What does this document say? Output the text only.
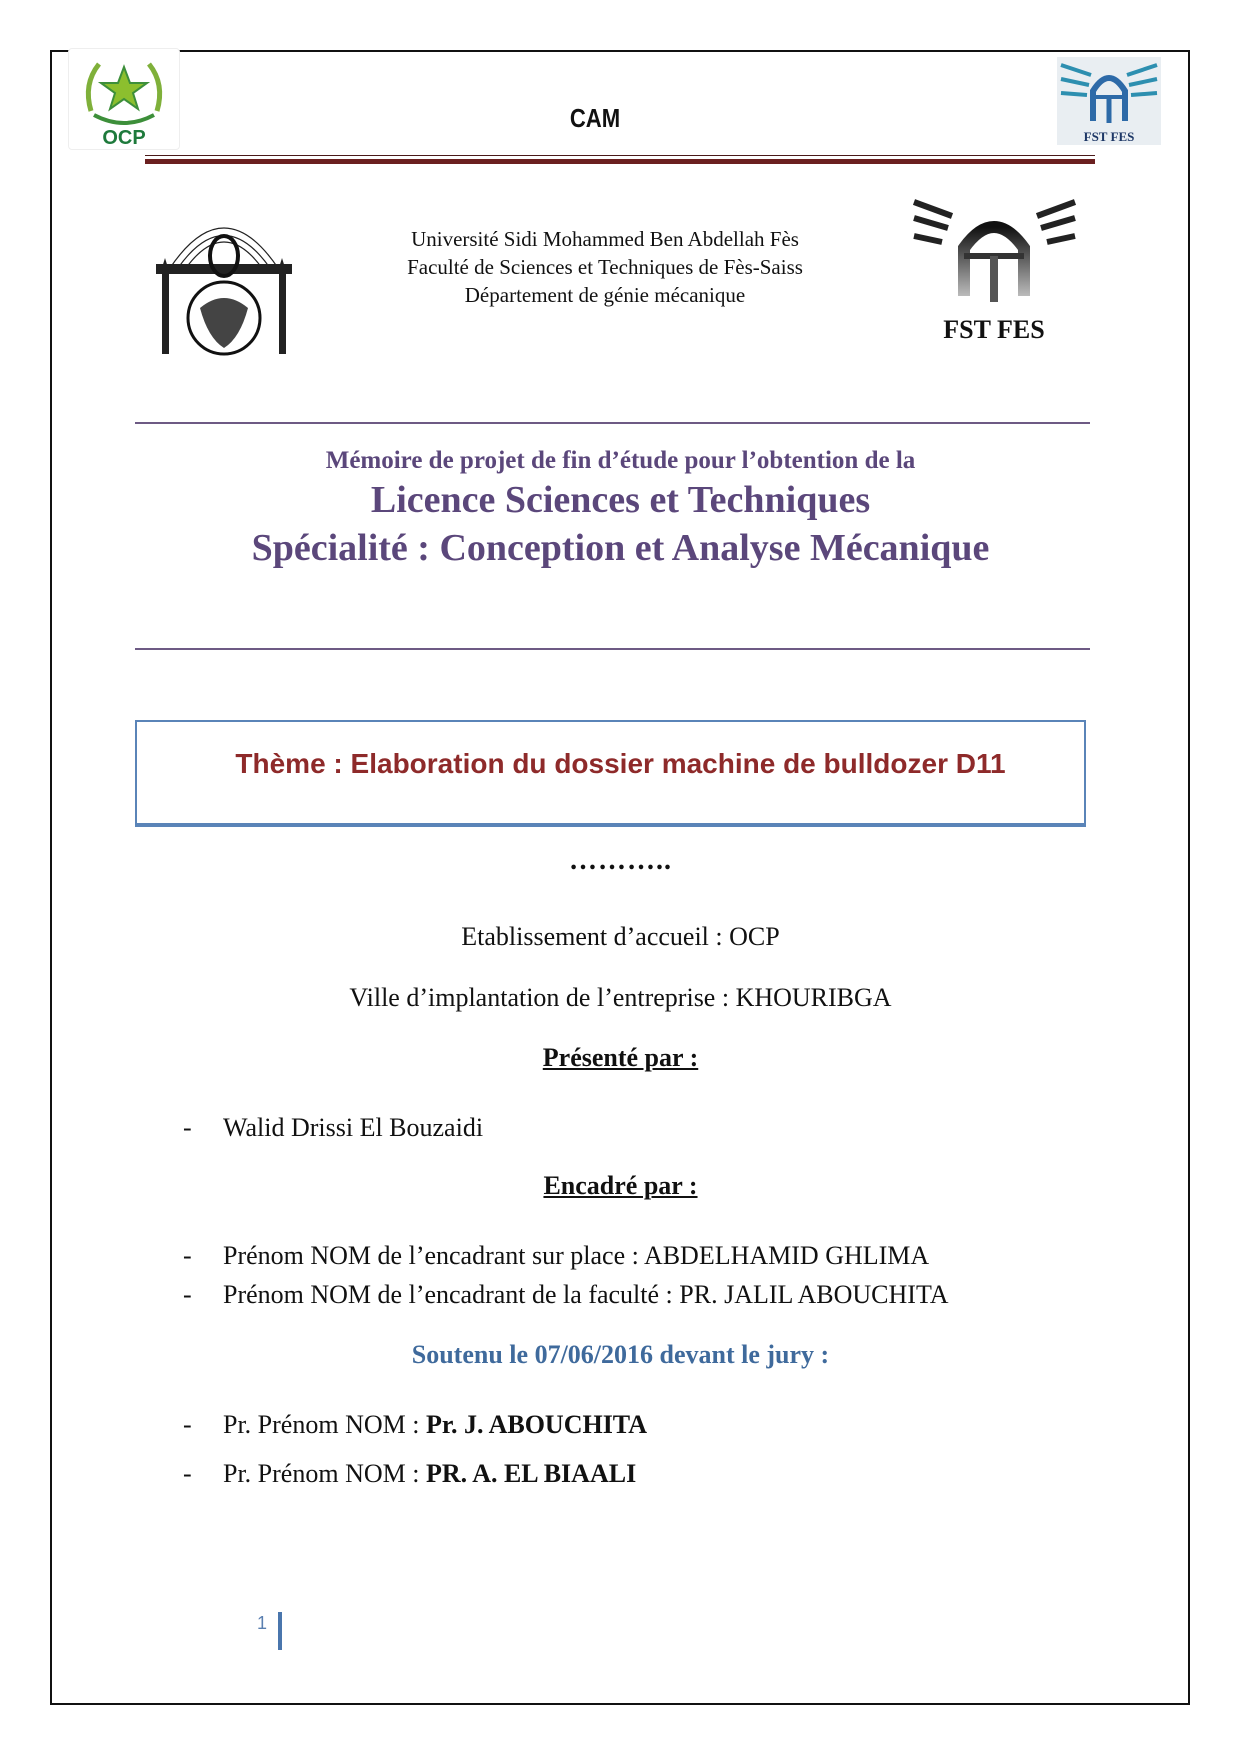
OCP
CAM
FST FES
Université Sidi Mohammed Ben Abdellah Fès
Faculté de Sciences et Techniques de Fès-Saiss
Département de génie mécanique
FST FES
Mémoire de projet de fin d’étude pour l’obtention de la
Licence Sciences et Techniques
Spécialité : Conception et Analyse Mécanique
Thème : Elaboration du dossier machine de bulldozer D11
………..
Etablissement d’accueil : OCP
Ville d’implantation de l’entreprise : KHOURIBGA
Présenté par :
- Walid Drissi El Bouzaidi
Encadré par :
- Prénom NOM de l’encadrant sur place : ABDELHAMID GHLIMA
- Prénom NOM de l’encadrant de la faculté : PR. JALIL ABOUCHITA
Soutenu le 07/06/2016 devant le jury :
- Pr. Prénom NOM : Pr. J. ABOUCHITA
- Pr. Prénom NOM : PR. A. EL BIAALI
1
